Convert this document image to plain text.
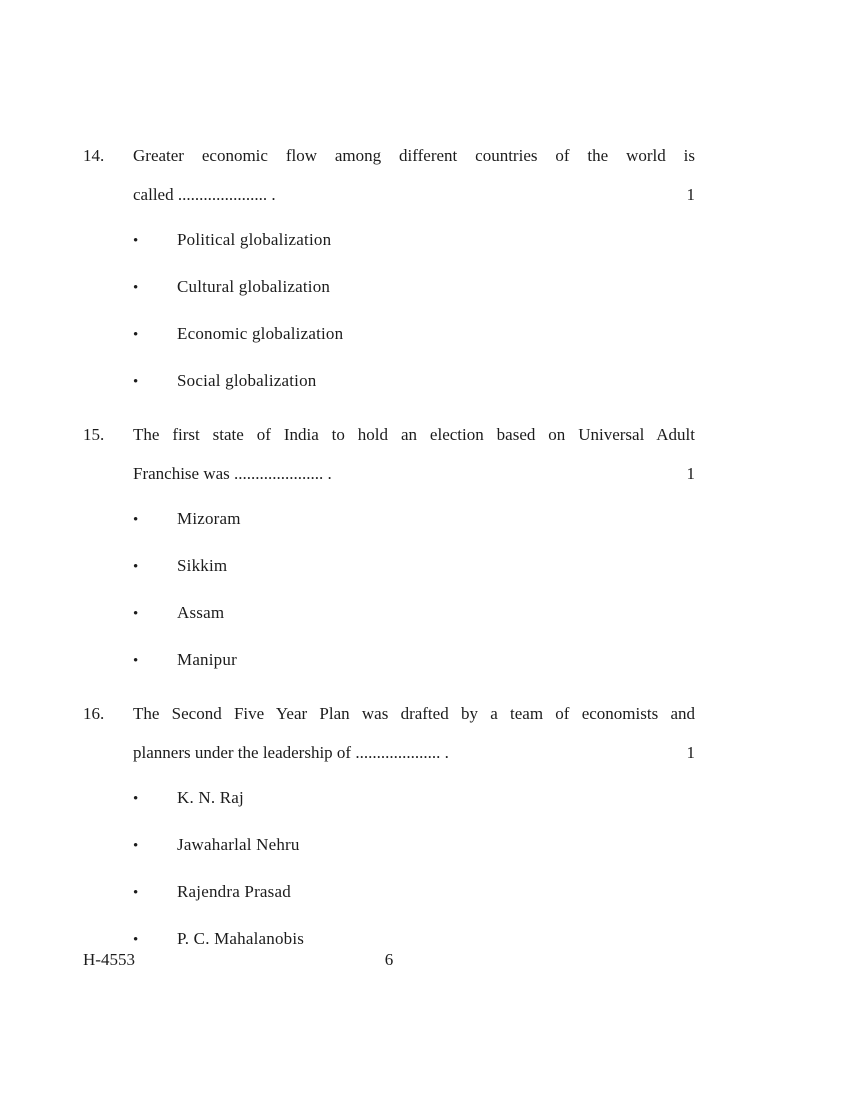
14.	Greater economic flow among different countries of the world is
called ..................... .	1
•	Political globalization
•	Cultural globalization
•	Economic globalization
•	Social globalization
15.	The first state of India to hold an election based on Universal Adult
Franchise was ..................... .	1
•	Mizoram
•	Sikkim
•	Assam
•	Manipur
16.	The Second Five Year Plan was drafted by a team of economists and
planners under the leadership of .................... .	1
•	K. N. Raj
•	Jawaharlal Nehru
•	Rajendra Prasad
•	P. C. Mahalanobis
H-4553	6
